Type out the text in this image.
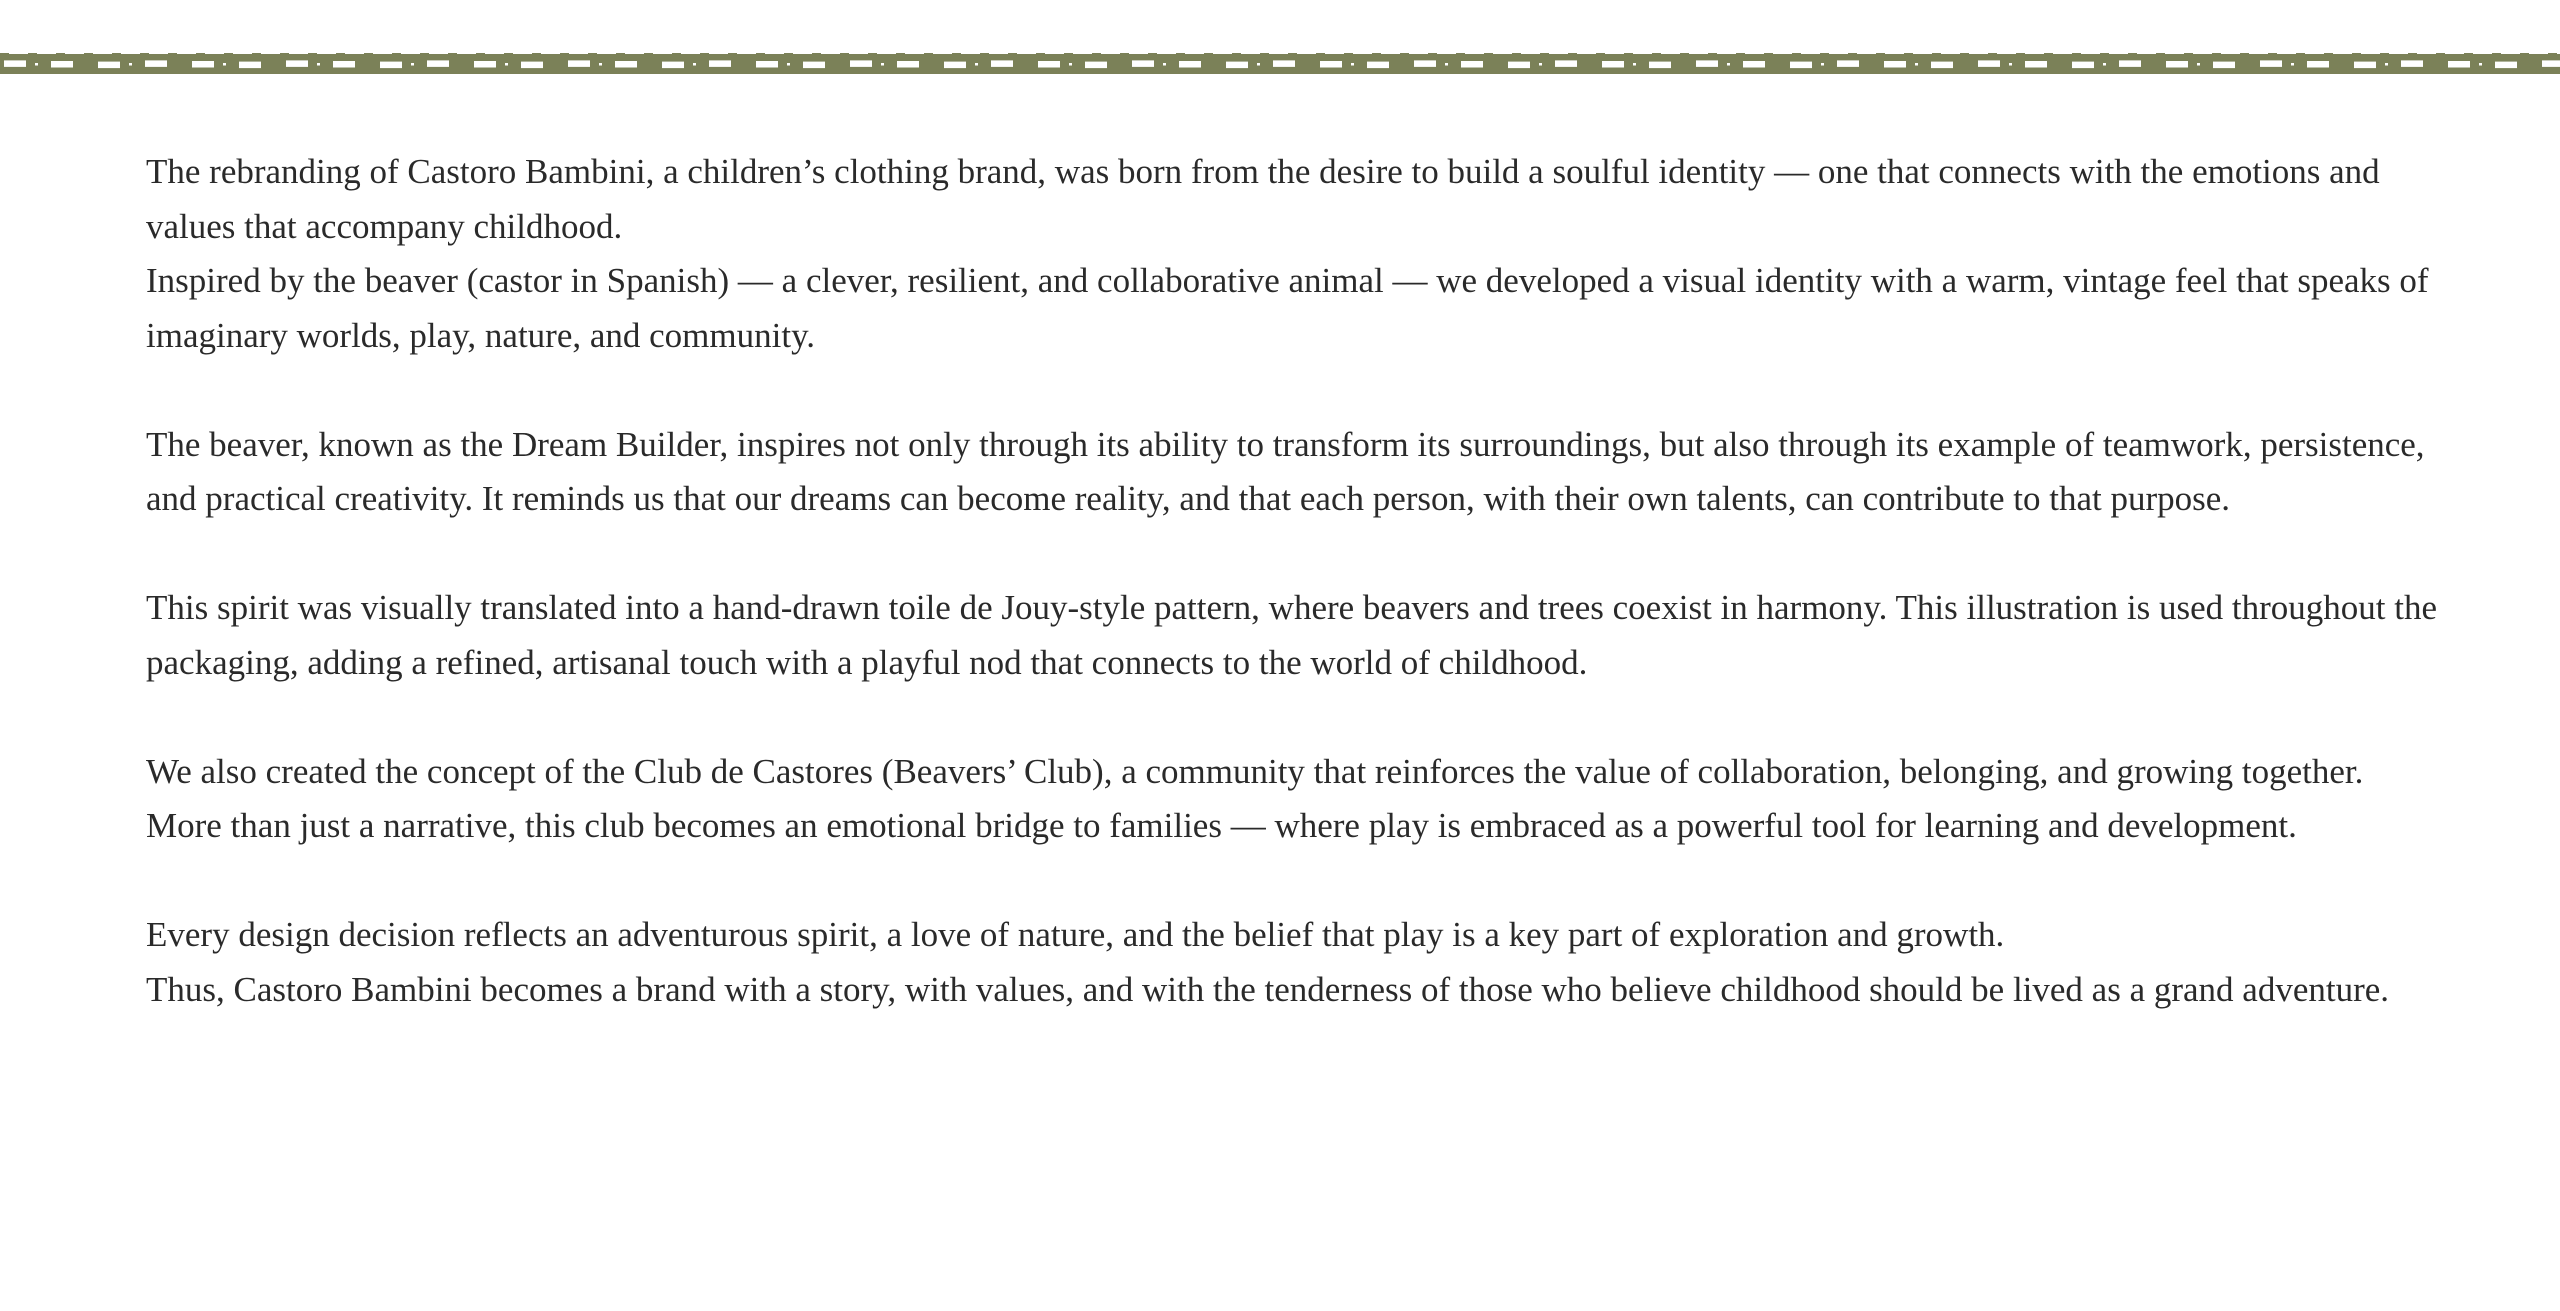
The rebranding of Castoro Bambini, a children’s clothing brand, was born from the desire to build a soulful identity — one that connects with the emotions and values that accompany childhood.
Inspired by the beaver (castor in Spanish) — a clever, resilient, and collaborative animal — we developed a visual identity with a warm, vintage feel that speaks of imaginary worlds, play, nature, and community.

The beaver, known as the Dream Builder, inspires not only through its ability to transform its surroundings, but also through its example of teamwork, persistence, and practical creativity. It reminds us that our dreams can become reality, and that each person, with their own talents, can contribute to that purpose.

This spirit was visually translated into a hand-drawn toile de Jouy-style pattern, where beavers and trees coexist in harmony. This illustration is used throughout the packaging, adding a refined, artisanal touch with a playful nod that connects to the world of childhood.

We also created the concept of the Club de Castores (Beavers’ Club), a community that reinforces the value of collaboration, belonging, and growing together. More than just a narrative, this club becomes an emotional bridge to families — where play is embraced as a powerful tool for learning and development.

Every design decision reflects an adventurous spirit, a love of nature, and the belief that play is a key part of exploration and growth.
Thus, Castoro Bambini becomes a brand with a story, with values, and with the tenderness of those who believe childhood should be lived as a grand adventure.
